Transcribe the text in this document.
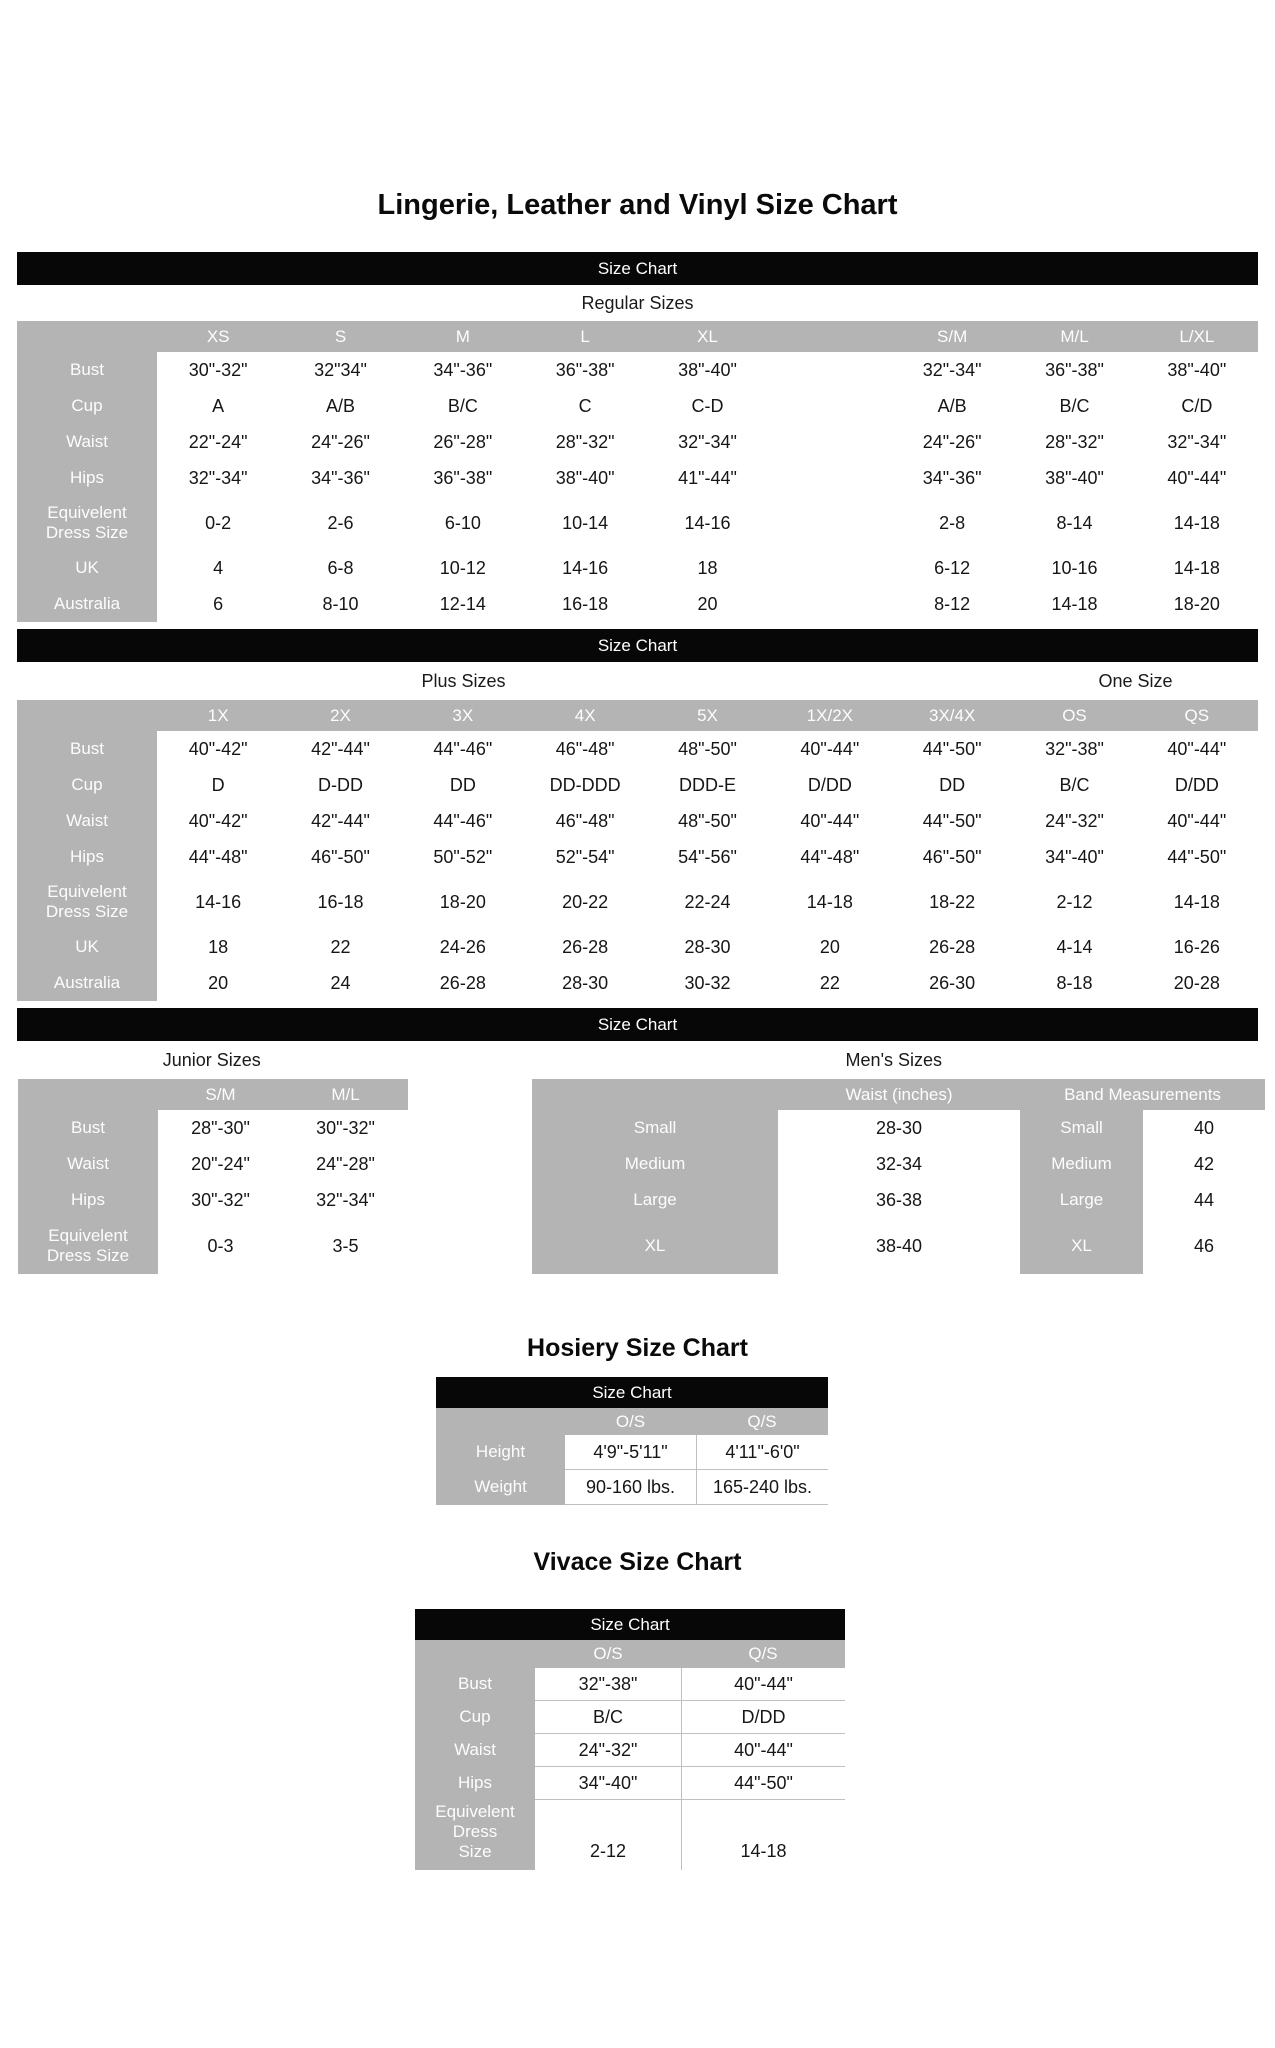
Lingerie, Leather and Vinyl Size Chart
Size Chart
Regular Sizes
XS	S	M	L	XL	S/M	M/L	L/XL
Bust	30"-32"	32"34"	34"-36"	36"-38"	38"-40"	32"-34"	36"-38"	38"-40"
Cup	A	A/B	B/C	C	C-D	A/B	B/C	C/D
Waist	22"-24"	24"-26"	26"-28"	28"-32"	32"-34"	24"-26"	28"-32"	32"-34"
Hips	32"-34"	34"-36"	36"-38"	38"-40"	41"-44"	34"-36"	38"-40"	40"-44"
Equivelent Dress Size	0-2	2-6	6-10	10-14	14-16	2-8	8-14	14-18
UK	4	6-8	10-12	14-16	18	6-12	10-16	14-18
Australia	6	8-10	12-14	16-18	20	8-12	14-18	18-20
Size Chart
Plus Sizes	One Size
1X	2X	3X	4X	5X	1X/2X	3X/4X	OS	QS
Bust	40"-42"	42"-44"	44"-46"	46"-48"	48"-50"	40"-44"	44"-50"	32"-38"	40"-44"
Cup	D	D-DD	DD	DD-DDD	DDD-E	D/DD	DD	B/C	D/DD
Waist	40"-42"	42"-44"	44"-46"	46"-48"	48"-50"	40"-44"	44"-50"	24"-32"	40"-44"
Hips	44"-48"	46"-50"	50"-52"	52"-54"	54"-56"	44"-48"	46"-50"	34"-40"	44"-50"
Equivelent Dress Size	14-16	16-18	18-20	20-22	22-24	14-18	18-22	2-12	14-18
UK	18	22	24-26	26-28	28-30	20	26-28	4-14	16-26
Australia	20	24	26-28	28-30	30-32	22	26-30	8-18	20-28
Size Chart
Junior Sizes	Men's Sizes
S/M	M/L
Bust	28"-30"	30"-32"
Waist	20"-24"	24"-28"
Hips	30"-32"	32"-34"
Equivelent Dress Size	0-3	3-5
Waist (inches)	Band Measurements
Small	28-30	Small	40
Medium	32-34	Medium	42
Large	36-38	Large	44
XL	38-40	XL	46
Hosiery Size Chart
Size Chart
O/S	Q/S
Height	4'9"-5'11"	4'11"-6'0"
Weight	90-160 lbs.	165-240 lbs.
Vivace Size Chart
Size Chart
O/S	Q/S
Bust	32"-38"	40"-44"
Cup	B/C	D/DD
Waist	24"-32"	40"-44"
Hips	34"-40"	44"-50"
Equivelent Dress Size	2-12	14-18
